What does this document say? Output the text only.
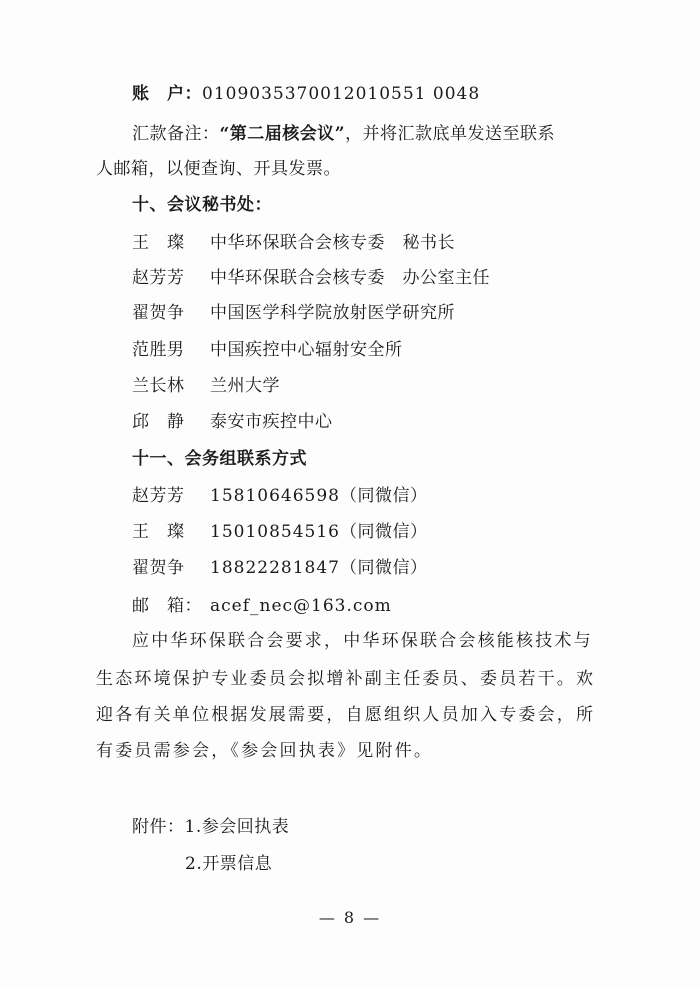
账　户：0109035370012010551 0048
汇款备注：“第二届核会议”，并将汇款底单发送至联系
人邮箱，以便查询、开具发票。
十、会议秘书处：
王　璨 中华环保联合会核专委　秘书长
赵芳芳 中华环保联合会核专委　办公室主任
翟贺争 中国医学科学院放射医学研究所
范胜男 中国疾控中心辐射安全所
兰长林 兰州大学
邱　静 泰安市疾控中心
十一、会务组联系方式
赵芳芳 15810646598（同微信）
王　璨 15010854516（同微信）
翟贺争 18822281847（同微信）
邮　箱： acef_nec@163.com
应中华环保联合会要求，中华环保联合会核能核技术与
生态环境保护专业委员会拟增补副主任委员、委员若干。欢
迎各有关单位根据发展需要，自愿组织人员加入专委会，所
有委员需参会，《参会回执表》见附件。
附件：1.参会回执表
2.开票信息
— 8 —
